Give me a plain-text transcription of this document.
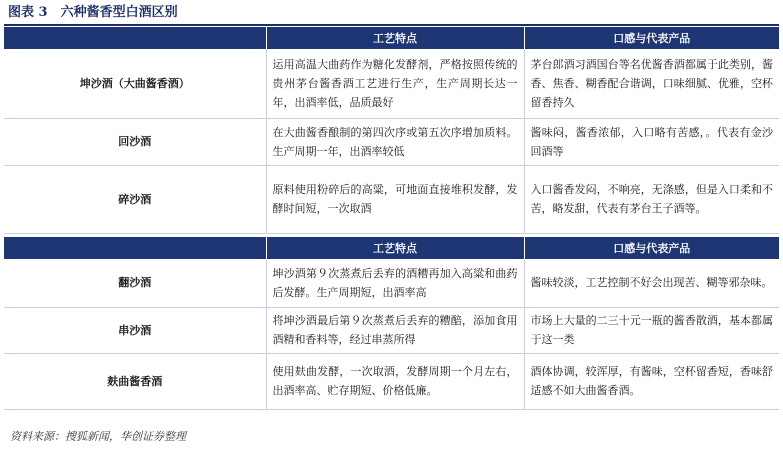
图表 3　六种酱香型白酒区别
	工艺特点	口感与代表产品
坤沙酒（大曲酱香酒）	运用高温大曲药作为糖化发酵剂，严格按照传统的贵州茅台酱香酒工艺进行生产，生产周期长达一年，出酒率低，品质最好	茅台郎酒习酒国台等名优酱香酒都属于此类别，酱香、焦香、糊香配合谐调，口味细腻、优雅，空杯留香持久
回沙酒	在大曲酱香酿制的第四次序或第五次序增加质料。生产周期一年，出酒率较低	酱味闷，酱香浓郁，入口略有苦感，。代表有金沙回酒等
碎沙酒	原料使用粉碎后的高粱，可地面直接堆积发酵，发酵时间短，一次取酒	入口酱香发闷，不响亮，无涤感，但是入口柔和不苦，略发甜，代表有茅台王子酒等。
	工艺特点	口感与代表产品
翻沙酒	坤沙酒第９次蒸煮后丢弃的酒糟再加入高粱和曲药后发酵。生产周期短，出酒率高	酱味较淡，工艺控制不好会出现苦、糊等邪杂味。
串沙酒	将坤沙酒最后第９次蒸煮后丢弃的糟醅，添加食用酒精和香料等，经过串蒸所得	市场上大量的二三十元一瓶的酱香散酒，基本都属于这一类
麸曲酱香酒	使用麸曲发酵，一次取酒，发酵周期一个月左右，出酒率高、贮存期短、价格低廉。	酒体协调，较浑厚，有酱味，空杯留香短，香味舒适感不如大曲酱香酒。
资料来源：搜狐新闻，华创证券整理
